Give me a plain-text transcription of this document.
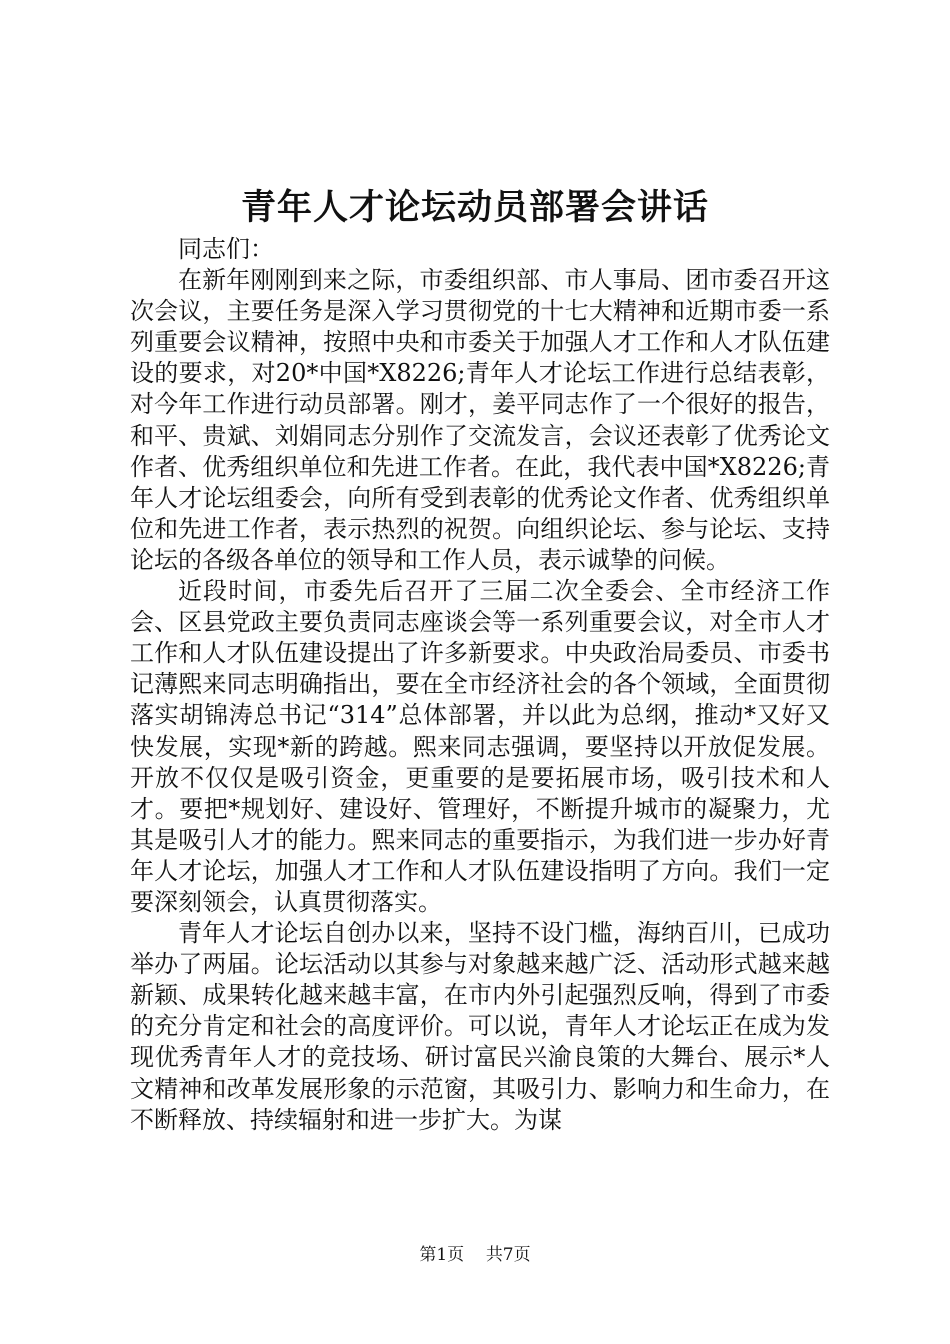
青年人才论坛动员部署会讲话

同志们：

在新年刚刚到来之际，市委组织部、市人事局、团市委召开这次会议，主要任务是深入学习贯彻党的十七大精神和近期市委一系列重要会议精神，按照中央和市委关于加强人才工作和人才队伍建设的要求，对20*中国*X8226;青年人才论坛工作进行总结表彰，对今年工作进行动员部署。刚才，姜平同志作了一个很好的报告，和平、贵斌、刘娟同志分别作了交流发言，会议还表彰了优秀论文作者、优秀组织单位和先进工作者。在此，我代表中国*X8226;青年人才论坛组委会，向所有受到表彰的优秀论文作者、优秀组织单位和先进工作者，表示热烈的祝贺。向组织论坛、参与论坛、支持论坛的各级各单位的领导和工作人员，表示诚挚的问候。

近段时间，市委先后召开了三届二次全委会、全市经济工作会、区县党政主要负责同志座谈会等一系列重要会议，对全市人才工作和人才队伍建设提出了许多新要求。中央政治局委员、市委书记薄熙来同志明确指出，要在全市经济社会的各个领域，全面贯彻落实胡锦涛总书记“314”总体部署，并以此为总纲，推动*又好又快发展，实现*新的跨越。熙来同志强调，要坚持以开放促发展。开放不仅仅是吸引资金，更重要的是要拓展市场，吸引技术和人才。要把*规划好、建设好、管理好，不断提升城市的凝聚力，尤其是吸引人才的能力。熙来同志的重要指示，为我们进一步办好青年人才论坛，加强人才工作和人才队伍建设指明了方向。我们一定要深刻领会，认真贯彻落实。

青年人才论坛自创办以来，坚持不设门槛，海纳百川，已成功举办了两届。论坛活动以其参与对象越来越广泛、活动形式越来越新颖、成果转化越来越丰富，在市内外引起强烈反响，得到了市委的充分肯定和社会的高度评价。可以说，青年人才论坛正在成为发现优秀青年人才的竞技场、研讨富民兴渝良策的大舞台、展示*人文精神和改革发展形象的示范窗，其吸引力、影响力和生命力，在不断释放、持续辐射和进一步扩大。为谋

第1页 共7页
